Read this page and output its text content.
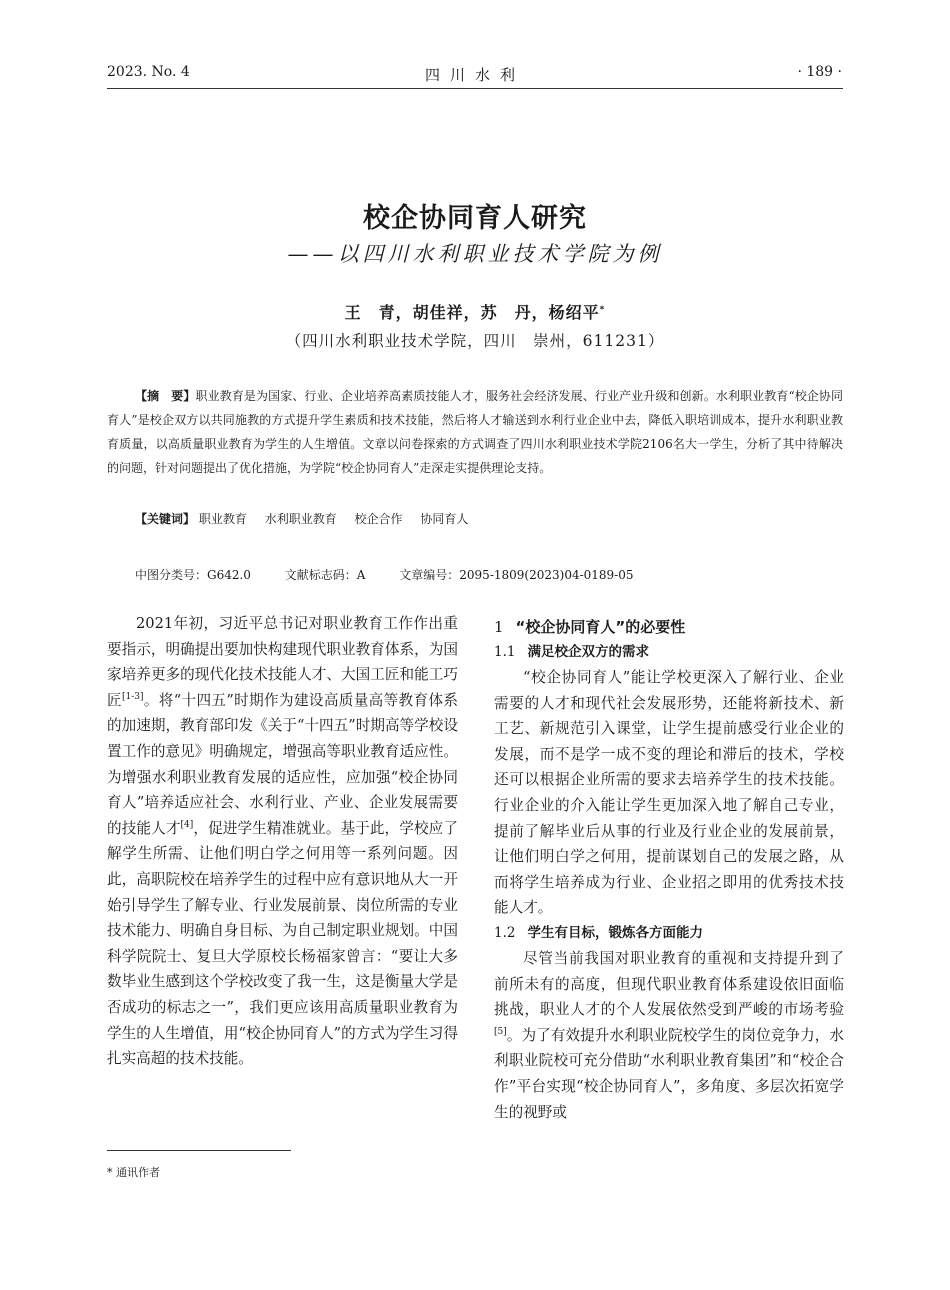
四川水利
2023. No. 4	· 189 ·
校企协同育人研究
——以四川水利职业技术学院为例
王　青，胡佳祥，苏　丹，杨绍平*
（四川水利职业技术学院，四川　崇州，611231）
【摘　要】职业教育是为国家、行业、企业培养高素质技能人才，服务社会经济发展、行业产业升级和创新。水利职业教育“校企协同育人”是校企双方以共同施教的方式提升学生素质和技术技能，然后将人才输送到水利行业企业中去，降低入职培训成本，提升水利职业教育质量，以高质量职业教育为学生的人生增值。文章以问卷探索的方式调查了四川水利职业技术学院2106名大一学生，分析了其中待解决的问题，针对问题提出了优化措施，为学院“校企协同育人”走深走实提供理论支持。
【关键词】 职业教育 水利职业教育 校企合作 协同育人
中图分类号：G642.0	文献标志码：A	文章编号：2095-1809(2023)04-0189-05

2021年初，习近平总书记对职业教育工作作出重要指示，明确提出要加快构建现代职业教育体系，为国家培养更多的现代化技术技能人才、大国工匠和能工巧匠[1-3]。将“十四五”时期作为建设高质量高等教育体系的加速期，教育部印发《关于“十四五”时期高等学校设置工作的意见》明确规定，增强高等职业教育适应性。为增强水利职业教育发展的适应性，应加强“校企协同育人”培养适应社会、水利行业、产业、企业发展需要的技能人才[4]，促进学生精准就业。基于此，学校应了解学生所需、让他们明白学之何用等一系列问题。因此，高职院校在培养学生的过程中应有意识地从大一开始引导学生了解专业、行业发展前景、岗位所需的专业技术能力、明确自身目标、为自己制定职业规划。中国科学院院士、复旦大学原校长杨福家曾言：“要让大多数毕业生感到这个学校改变了我一生，这是衡量大学是否成功的标志之一”，我们更应该用高质量职业教育为学生的人生增值，用“校企协同育人”的方式为学生习得扎实高超的技术技能。

1 “校企协同育人”的必要性
1.1 满足校企双方的需求

“校企协同育人”能让学校更深入了解行业、企业需要的人才和现代社会发展形势，还能将新技术、新工艺、新规范引入课堂，让学生提前感受行业企业的发展，而不是学一成不变的理论和滞后的技术，学校还可以根据企业所需的要求去培养学生的技术技能。行业企业的介入能让学生更加深入地了解自己专业，提前了解毕业后从事的行业及行业企业的发展前景，让他们明白学之何用，提前谋划自己的发展之路，从而将学生培养成为行业、企业招之即用的优秀技术技能人才。

1.2 学生有目标，锻炼各方面能力

尽管当前我国对职业教育的重视和支持提升到了前所未有的高度，但现代职业教育体系建设依旧面临挑战，职业人才的个人发展依然受到严峻的市场考验[5]。为了有效提升水利职业院校学生的岗位竞争力，水利职业院校可充分借助“水利职业教育集团”和“校企合作”平台实现“校企协同育人”，多角度、多层次拓宽学生的视野或

* 通讯作者
